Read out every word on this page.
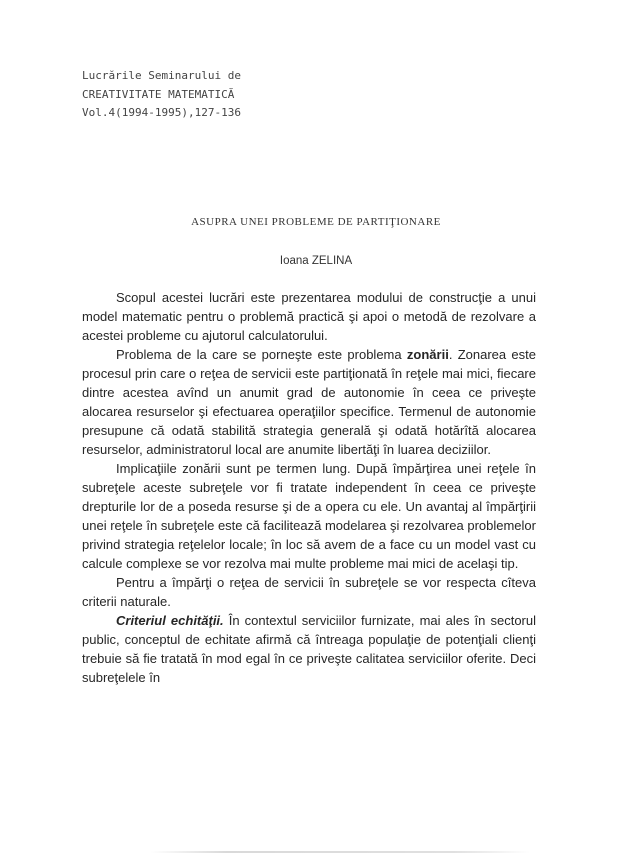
Lucrările Seminarului de
CREATIVITATE MATEMATICĂ
Vol.4(1994-1995),127-136
ASUPRA UNEI PROBLEME DE PARTIŢIONARE
Ioana ZELINA

Scopul acestei lucrări este prezentarea modului de construcţie a unui model matematic pentru o problemă practică şi apoi o metodă de rezolvare a acestei probleme cu ajutorul calculatorului.

Problema de la care se porneşte este problema zonării. Zonarea este procesul prin care o reţea de servicii este partiţionată în reţele mai mici, fiecare dintre acestea avînd un anumit grad de autonomie în ceea ce priveşte alocarea resurselor şi efectuarea operaţiilor specifice. Termenul de autonomie presupune că odată stabilită strategia generală şi odată hotărîtă alocarea resurselor, administratorul local are anumite libertăţi în luarea deciziilor.

Implicaţiile zonării sunt pe termen lung. După împărţirea unei reţele în subreţele aceste subreţele vor fi tratate independent în ceea ce priveşte drepturile lor de a poseda resurse şi de a opera cu ele. Un avantaj al împărţirii unei reţele în subreţele este că facilitează modelarea şi rezolvarea problemelor privind strategia reţelelor locale; în loc să avem de a face cu un model vast cu calcule complexe se vor rezolva mai multe probleme mai mici de acelaşi tip.

Pentru a împărţi o reţea de servicii în subreţele se vor respecta cîteva criterii naturale.

Criteriul echităţii. În contextul serviciilor furnizate, mai ales în sectorul public, conceptul de echitate afirmă că întreaga populaţie de potenţiali clienţi trebuie să fie tratată în mod egal în ce priveşte calitatea serviciilor oferite. Deci subreţelele în
